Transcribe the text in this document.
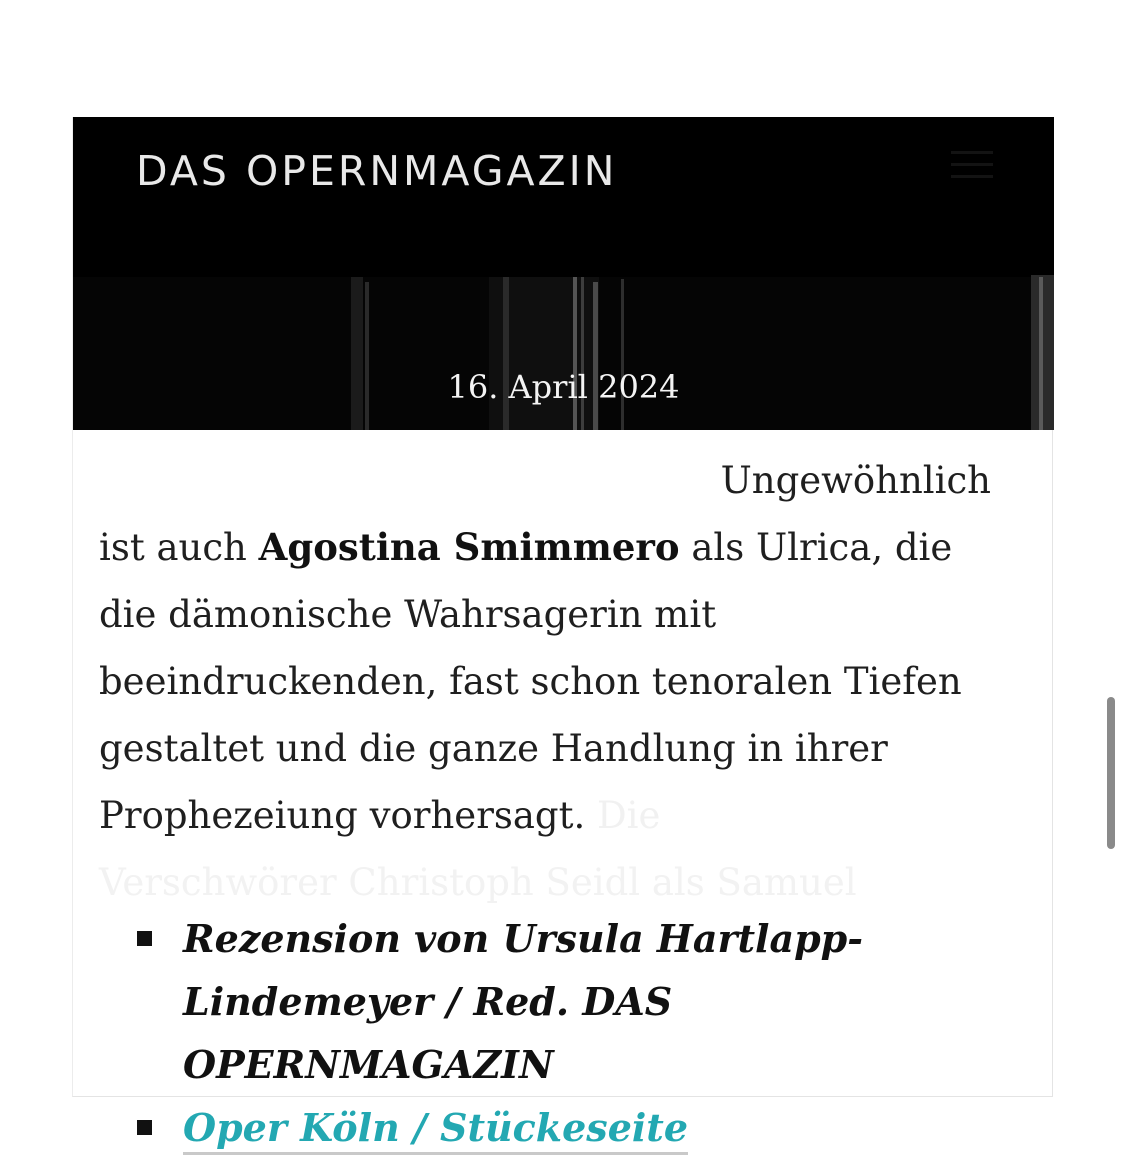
DAS OPERNMAGAZIN
16. April 2024

Ungewöhnlich
ist auch Agostina Smimmero als Ulrica, die die dämonische Wahrsagerin mit beeindruckenden, fast schon tenoralen Tiefen gestaltet und die ganze Handlung in ihrer Prophezeiung vorhersagt. Die

Verschwörer Christoph Seidl als Samuel

Rezension von Ursula Hartlapp-Lindemeyer / Red. DAS OPERNMAGAZIN
Oper Köln / Stückeseite
